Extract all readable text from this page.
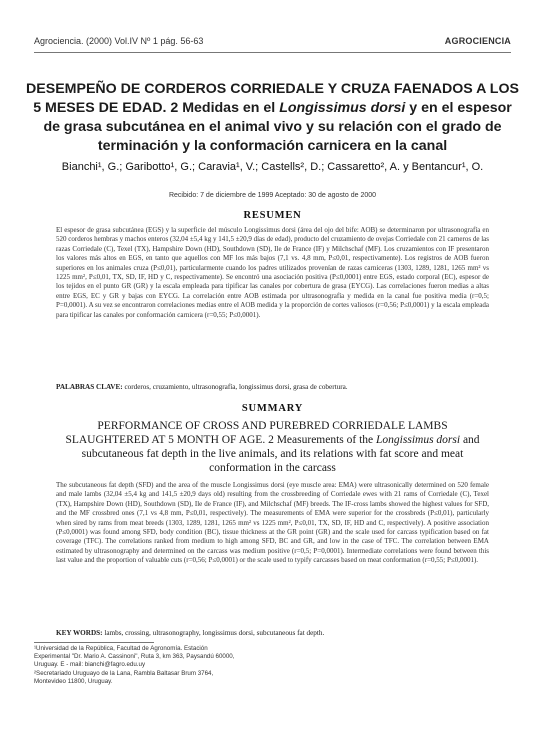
Agrociencia. (2000) Vol.IV Nº 1 pág. 56-63	AGROCIENCIA
DESEMPEÑO DE CORDEROS CORRIEDALE Y CRUZA FAENADOS A LOS 5 MESES DE EDAD. 2 Medidas en el Longissimus dorsi y en el espesor de grasa subcutánea en el animal vivo y su relación con el grado de terminación y la conformación carnicera en la canal
Bianchi¹, G.; Garibotto¹, G.; Caravia¹, V.; Castells², D.; Cassaretto², A. y Bentancur¹, O.
Recibido: 7 de diciembre de 1999 Aceptado: 30 de agosto de 2000
RESUMEN
El espesor de grasa subcutánea (EGS) y la superficie del músculo Longissimus dorsi (área del ojo del bife: AOB) se determinaron por ultrasonografía en 520 corderos hembras y machos enteros (32,04 ±5,4 kg y 141,5 ±20,9 días de edad), producto del cruzamiento de ovejas Corriedale con 21 carneros de las razas Corriedale (C), Texel (TX), Hampshire Down (HD), Southdown (SD), Ile de France (IF) y Milchschaf (MF). Los cruzamientos con IF presentaron los valores más altos en EGS, en tanto que aquellos con MF los más bajos (7,1 vs. 4,8 mm, P≤0,01, respectivamente). Los registros de AOB fueron superiores en los animales cruza (P≤0,01), particularmente cuando los padres utilizados provenían de razas carniceras (1303, 1289, 1281, 1265 mm² vs 1225 mm², P≤0,01, TX, SD, IF, HD y C, respectivamente). Se encontró una asociación positiva (P≤0,0001) entre EGS, estado corporal (EC), espesor de los tejidos en el punto GR (GR) y la escala empleada para tipificar las canales por cobertura de grasa (EYCG). Las correlaciones fueron medias a altas entre EGS, EC y GR y bajas con EYCG. La correlación entre AOB estimada por ultrasonografía y medida en la canal fue positiva media (r=0,5; P=0,0001). A su vez se encontraron correlaciones medias entre el AOB medida y la proporción de cortes valiosos (r=0,56; P≤0,0001) y la escala empleada para tipificar las canales por conformación carnicera (r=0,55; P≤0,0001).
PALABRAS CLAVE: corderos, cruzamiento, ultrasonografía, longissimus dorsi, grasa de cobertura.
SUMMARY
PERFORMANCE OF CROSS AND PUREBRED CORRIEDALE LAMBS SLAUGHTERED AT 5 MONTH OF AGE. 2 Measurements of the Longissimus dorsi and subcutaneous fat depth in the live animals, and its relations with fat score and meat conformation in the carcass
The subcutaneous fat depth (SFD) and the area of the muscle Longissimus dorsi (eye muscle area: EMA) were ultrasonically determined on 520 female and male lambs (32,04 ±5,4 kg and 141,5 ±20,9 days old) resulting from the crossbreeding of Corriedale ewes with 21 rams of Corriedale (C), Texel (TX), Hampshire Down (HD), Southdown (SD), Ile de France (IF), and Milchschaf (MF) breeds. The IF-cross lambs showed the highest values for SFD, and the MF crossbred ones (7,1 vs 4,8 mm, P≤0,01, respectively). The measurements of EMA were superior for the crossbreds (P≤0,01), particularly when sired by rams from meat breeds (1303, 1289, 1281, 1265 mm² vs 1225 mm², P≤0,01, TX, SD, IF, HD and C, respectively). A positive association (P≤0,0001) was found among SFD, body condition (BC), tissue thickness at the GR point (GR) and the scale used for carcass typification based on fat coverage (TFC). The correlations ranked from medium to high among SFD, BC and GR, and low in the case of TFC. The correlation between EMA estimated by ultrasonography and determined on the carcass was medium positive (r=0,5; P=0,0001). Intermediate correlations were found between this last value and the proportion of valuable cuts (r=0,56; P≤0,0001) or the scale used to typify carcasses based on meat conformation (r=0,55; P≤0,0001).
KEY WORDS: lambs, crossing, ultrasonography, longissimus dorsi, subcutaneous fat depth.

¹Universidad de la República, Facultad de Agronomía. Estación Experimental "Dr. Mario A. Cassinoni", Ruta 3, km 363, Paysandú 60000, Uruguay. E - mail: bianchi@fagro.edu.uy

²Secretariado Uruguayo de la Lana, Rambla Baltasar Brum 3764, Montevideo 11800, Uruguay.
